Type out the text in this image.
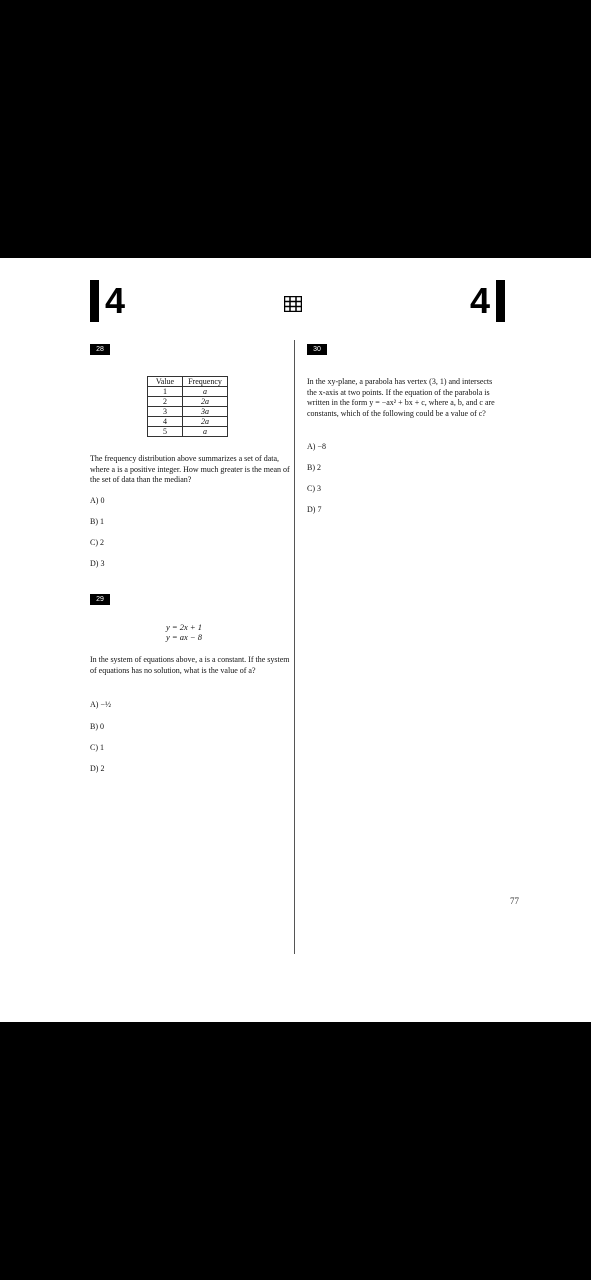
4	4
28
Value	Frequency
1	a
2	2a
3	3a
4	2a
5	a
The frequency distribution above summarizes a set of data, where a is a positive integer. How much greater is the mean of the set of data than the median?
A) 0
B) 1
C) 2
D) 3
29
y = 2x + 1
y = ax − 8
In the system of equations above, a is a constant. If the system of equations has no solution, what is the value of a?
A) −½
B) 0
C) 1
D) 2
30
In the xy-plane, a parabola has vertex (3, 1) and intersects the x-axis at two points. If the equation of the parabola is written in the form y = −ax² + bx + c, where a, b, and c are constants, which of the following could be a value of c?
A) −8
B) 2
C) 3
D) 7
77
